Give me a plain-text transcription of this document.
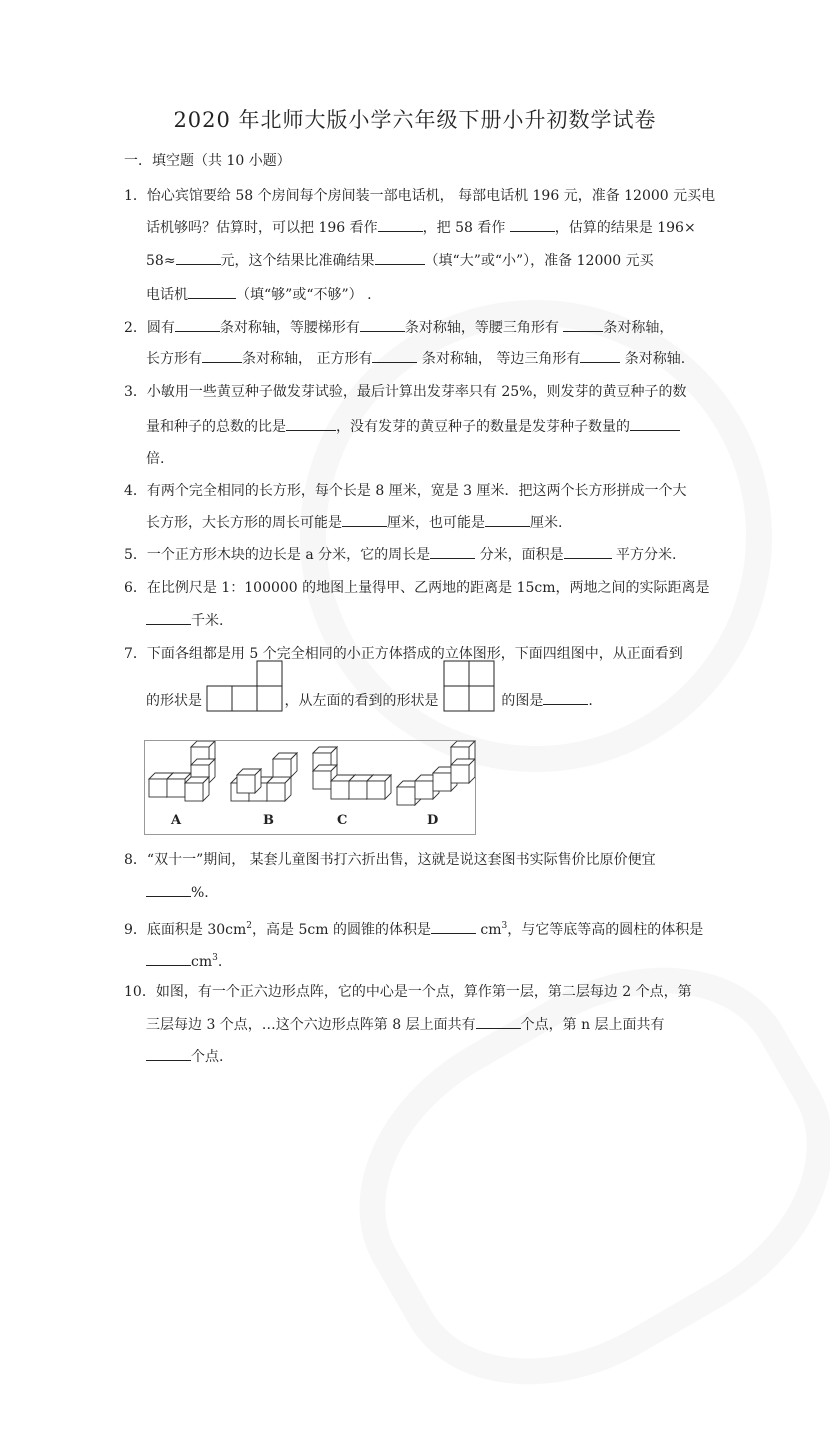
2020 年北师大版小学六年级下册小升初数学试卷
一．填空题（共 10 小题）
1．怡心宾馆要给 58 个房间每个房间装一部电话机， 每部电话机 196 元，准备 12000 元买电
话机够吗？估算时，可以把 196 看作	，把 58 看作	，估算的结果是 196×
58≈	元，这个结果比准确结果	（填“大”或“小”），准备 12000 元买
电话机	（填“够”或“不够”） .
2．圆有	条对称轴，等腰梯形有	条对称轴，等腰三角形有	条对称轴，
长方形有	条对称轴， 正方形有	条对称轴， 等边三角形有	条对称轴.
3．小敏用一些黄豆种子做发芽试验，最后计算出发芽率只有 25%，则发芽的黄豆种子的数
量和种子的总数的比是	，没有发芽的黄豆种子的数量是发芽种子数量的
倍.
4．有两个完全相同的长方形，每个长是 8 厘米，宽是 3 厘米．把这两个长方形拼成一个大
长方形，大长方形的周长可能是	厘米，也可能是	厘米.
5．一个正方形木块的边长是 a 分米，它的周长是	分米，面积是	平方分米.
6．在比例尺是 1：100000 的地图上量得甲、乙两地的距离是 15cm，两地之间的实际距离是
千米.
7．下面各组都是用 5 个完全相同的小正方体搭成的立体图形，下面四组图中，从正面看到
的形状是	，从左面的看到的形状是	的图是	.
A	B	C	D
8．“双十一”期间， 某套儿童图书打六折出售，这就是说这套图书实际售价比原价便宜
%.
9．底面积是 $30cm^2$，高是 5cm 的圆锥的体积是	$cm^3$，与它等底等高的圆柱的体积是
$cm^3$.
10．如图，有一个正六边形点阵，它的中心是一个点，算作第一层，第二层每边 2 个点，第
三层每边 3 个点，…这个六边形点阵第 8 层上面共有	个点，第 n 层上面共有
个点.
